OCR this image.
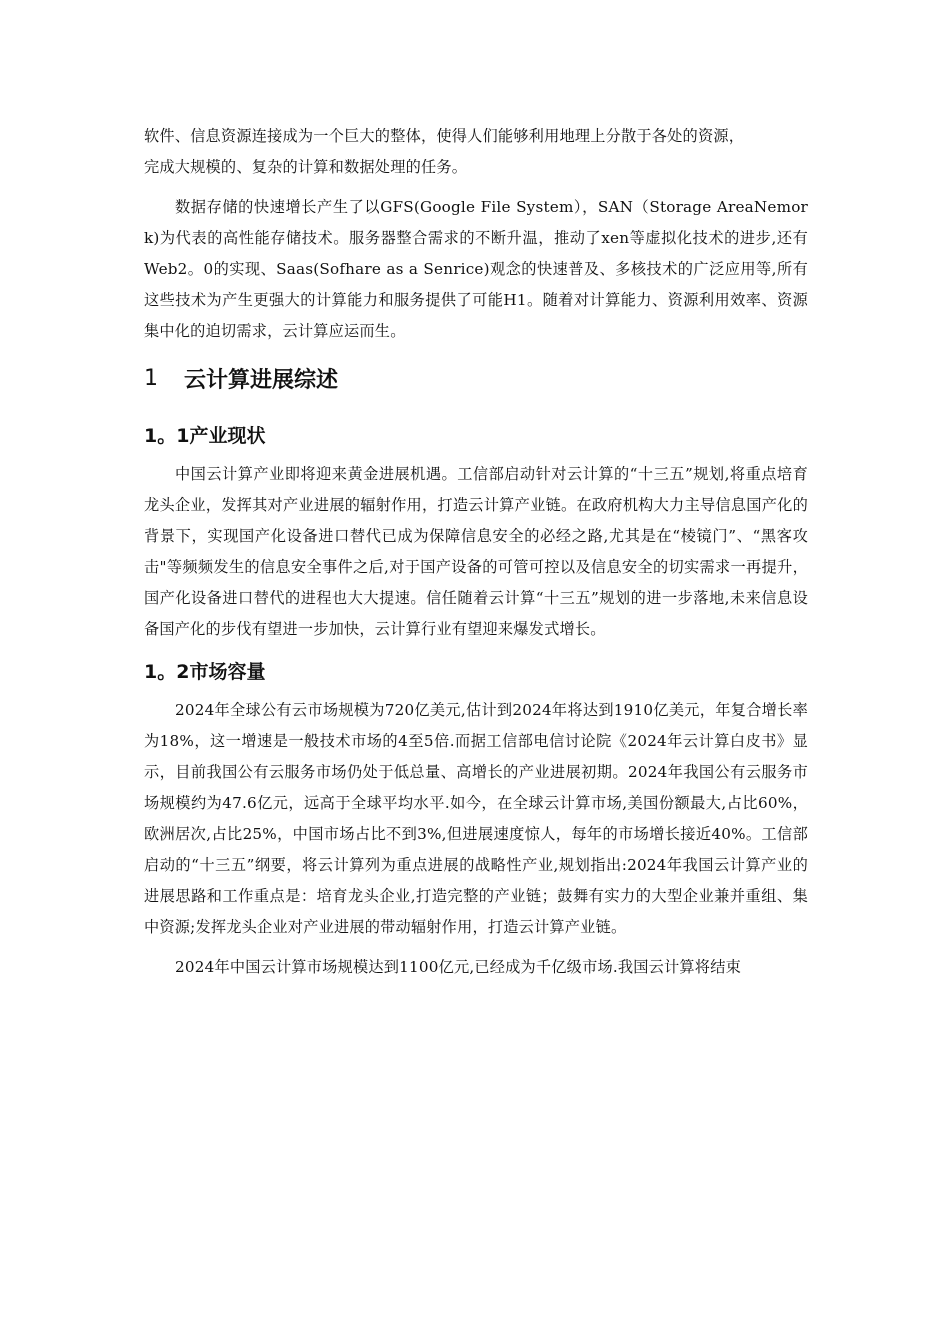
软件、信息资源连接成为一个巨大的整体，使得人们能够利用地理上分散于各处的资源，
完成大规模的、复杂的计算和数据处理的任务。

数据存储的快速增长产生了以GFS(Google File System），SAN（Storage AreaNemork)为代表的高性能存储技术。服务器整合需求的不断升温，推动了xen等虚拟化技术的进步,还有Web2。0的实现、Saas(Sofhare as a Senrice)观念的快速普及、多核技术的广泛应用等,所有这些技术为产生更强大的计算能力和服务提供了可能H1。随着对计算能力、资源利用效率、资源集中化的迫切需求，云计算应运而生。

1	云计算进展综述
1。1产业现状

中国云计算产业即将迎来黄金进展机遇。工信部启动针对云计算的“十三五”规划,将重点培育龙头企业，发挥其对产业进展的辐射作用，打造云计算产业链。在政府机构大力主导信息国产化的背景下，实现国产化设备进口替代已成为保障信息安全的必经之路,尤其是在“棱镜门”、“黑客攻击"等频频发生的信息安全事件之后,对于国产设备的可管可控以及信息安全的切实需求一再提升，国产化设备进口替代的进程也大大提速。信任随着云计算“十三五”规划的进一步落地,未来信息设备国产化的步伐有望进一步加快，云计算行业有望迎来爆发式增长。

1。2市场容量

2024年全球公有云市场规模为720亿美元,估计到2024年将达到1910亿美元，年复合增长率为18%，这一增速是一般技术市场的4至5倍.而据工信部电信讨论院《2024年云计算白皮书》显示，目前我国公有云服务市场仍处于低总量、高增长的产业进展初期。2024年我国公有云服务市场规模约为47.6亿元，远高于全球平均水平.如今，在全球云计算市场,美国份额最大,占比60%，欧洲居次,占比25%，中国市场占比不到3%,但进展速度惊人，每年的市场增长接近40%。工信部启动的“十三五”纲要，将云计算列为重点进展的战略性产业,规划指出:2024年我国云计算产业的进展思路和工作重点是：培育龙头企业,打造完整的产业链；鼓舞有实力的大型企业兼并重组、集中资源;发挥龙头企业对产业进展的带动辐射作用，打造云计算产业链。

2024年中国云计算市场规模达到1100亿元,已经成为千亿级市场.我国云计算将结束
